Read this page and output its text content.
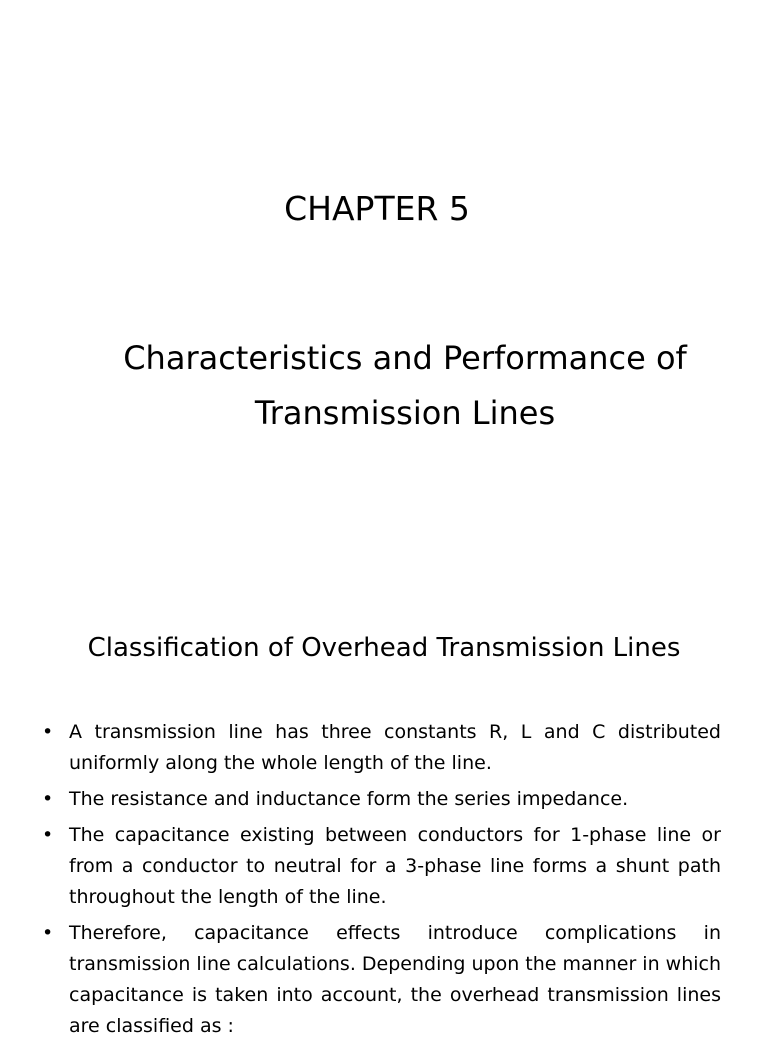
CHAPTER 5
Characteristics and Performance of Transmission Lines
Classification of Overhead Transmission Lines
• A transmission line has three constants R, L and C distributed uniformly along the whole length of the line.
• The resistance and inductance form the series impedance.
• The capacitance existing between conductors for 1-phase line or from a conductor to neutral for a 3-phase line forms a shunt path throughout the length of the line.
• Therefore, capacitance effects introduce complications in transmission line calculations. Depending upon the manner in which capacitance is taken into account, the overhead transmission lines are classified as :
